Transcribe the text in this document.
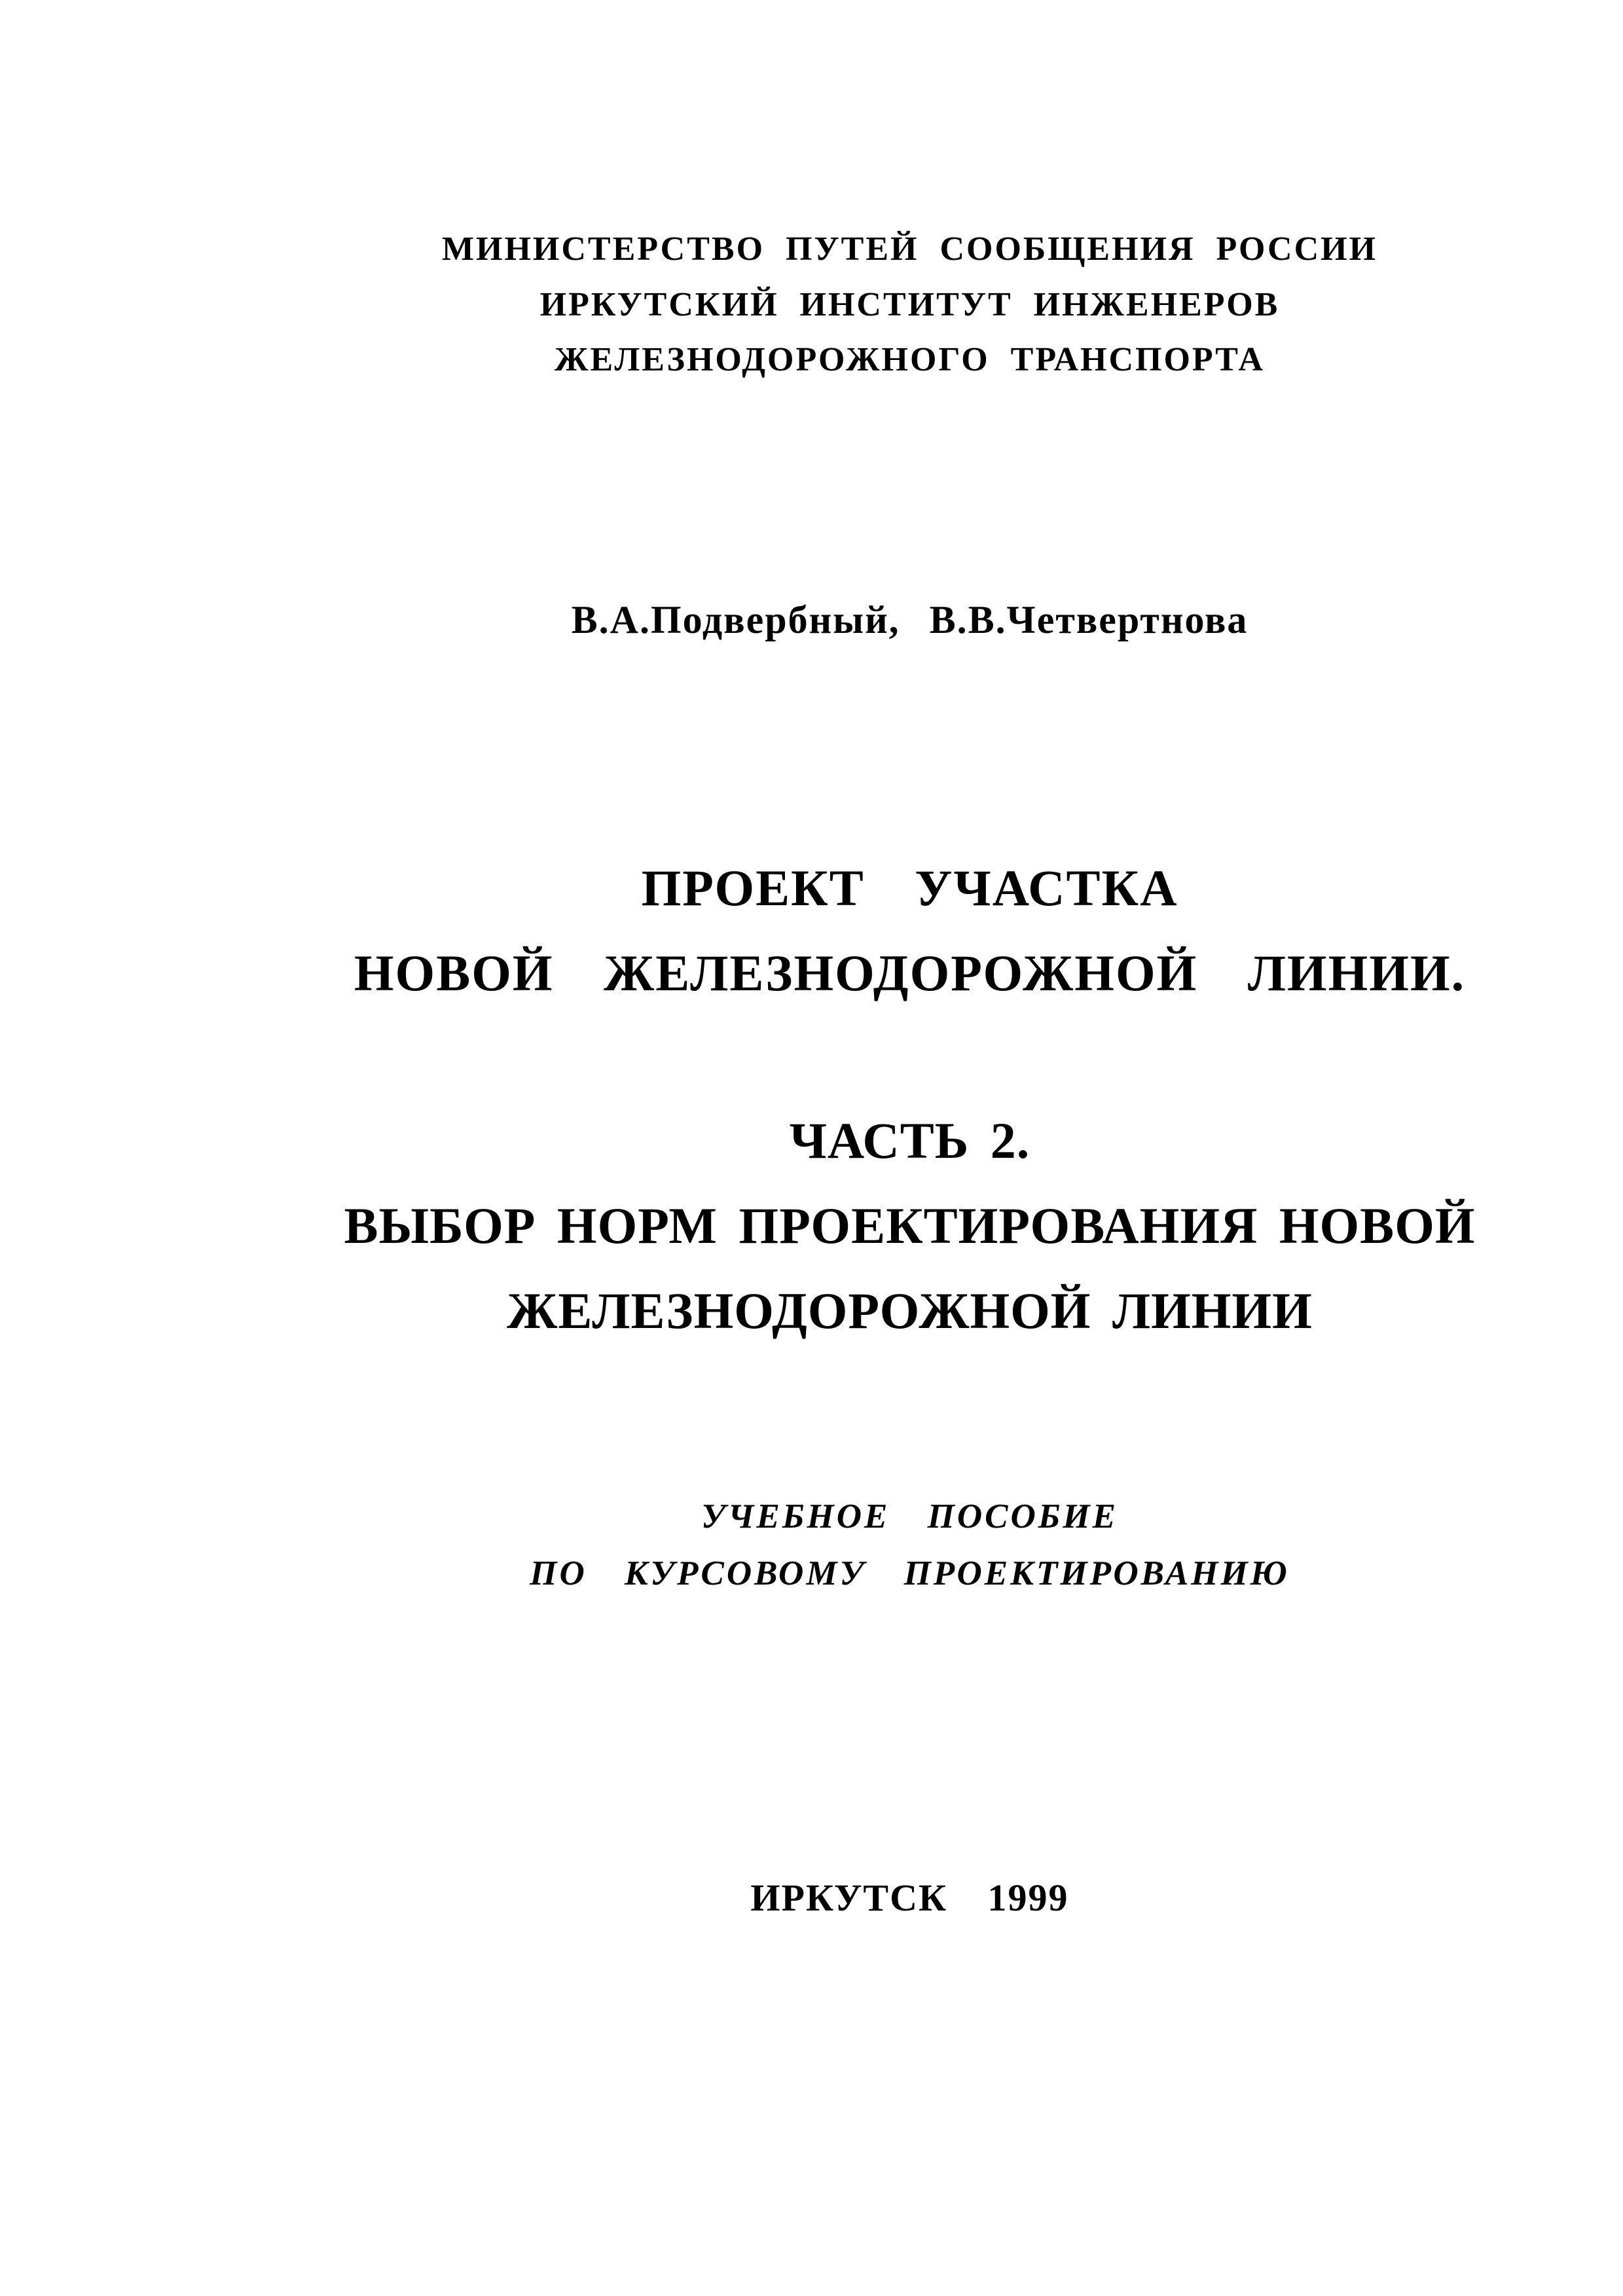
МИНИСТЕРСТВО ПУТЕЙ СООБЩЕНИЯ РОССИИ
ИРКУТСКИЙ ИНСТИТУТ ИНЖЕНЕРОВ
ЖЕЛЕЗНОДОРОЖНОГО ТРАНСПОРТА
В.А.Подвербный, В.В.Четвертнова
ПРОЕКТ УЧАСТКА
НОВОЙ ЖЕЛЕЗНОДОРОЖНОЙ ЛИНИИ.
ЧАСТЬ 2.
ВЫБОР НОРМ ПРОЕКТИРОВАНИЯ НОВОЙ
ЖЕЛЕЗНОДОРОЖНОЙ ЛИНИИ
УЧЕБНОЕ ПОСОБИЕ
ПО КУРСОВОМУ ПРОЕКТИРОВАНИЮ
ИРКУТСК 1999
